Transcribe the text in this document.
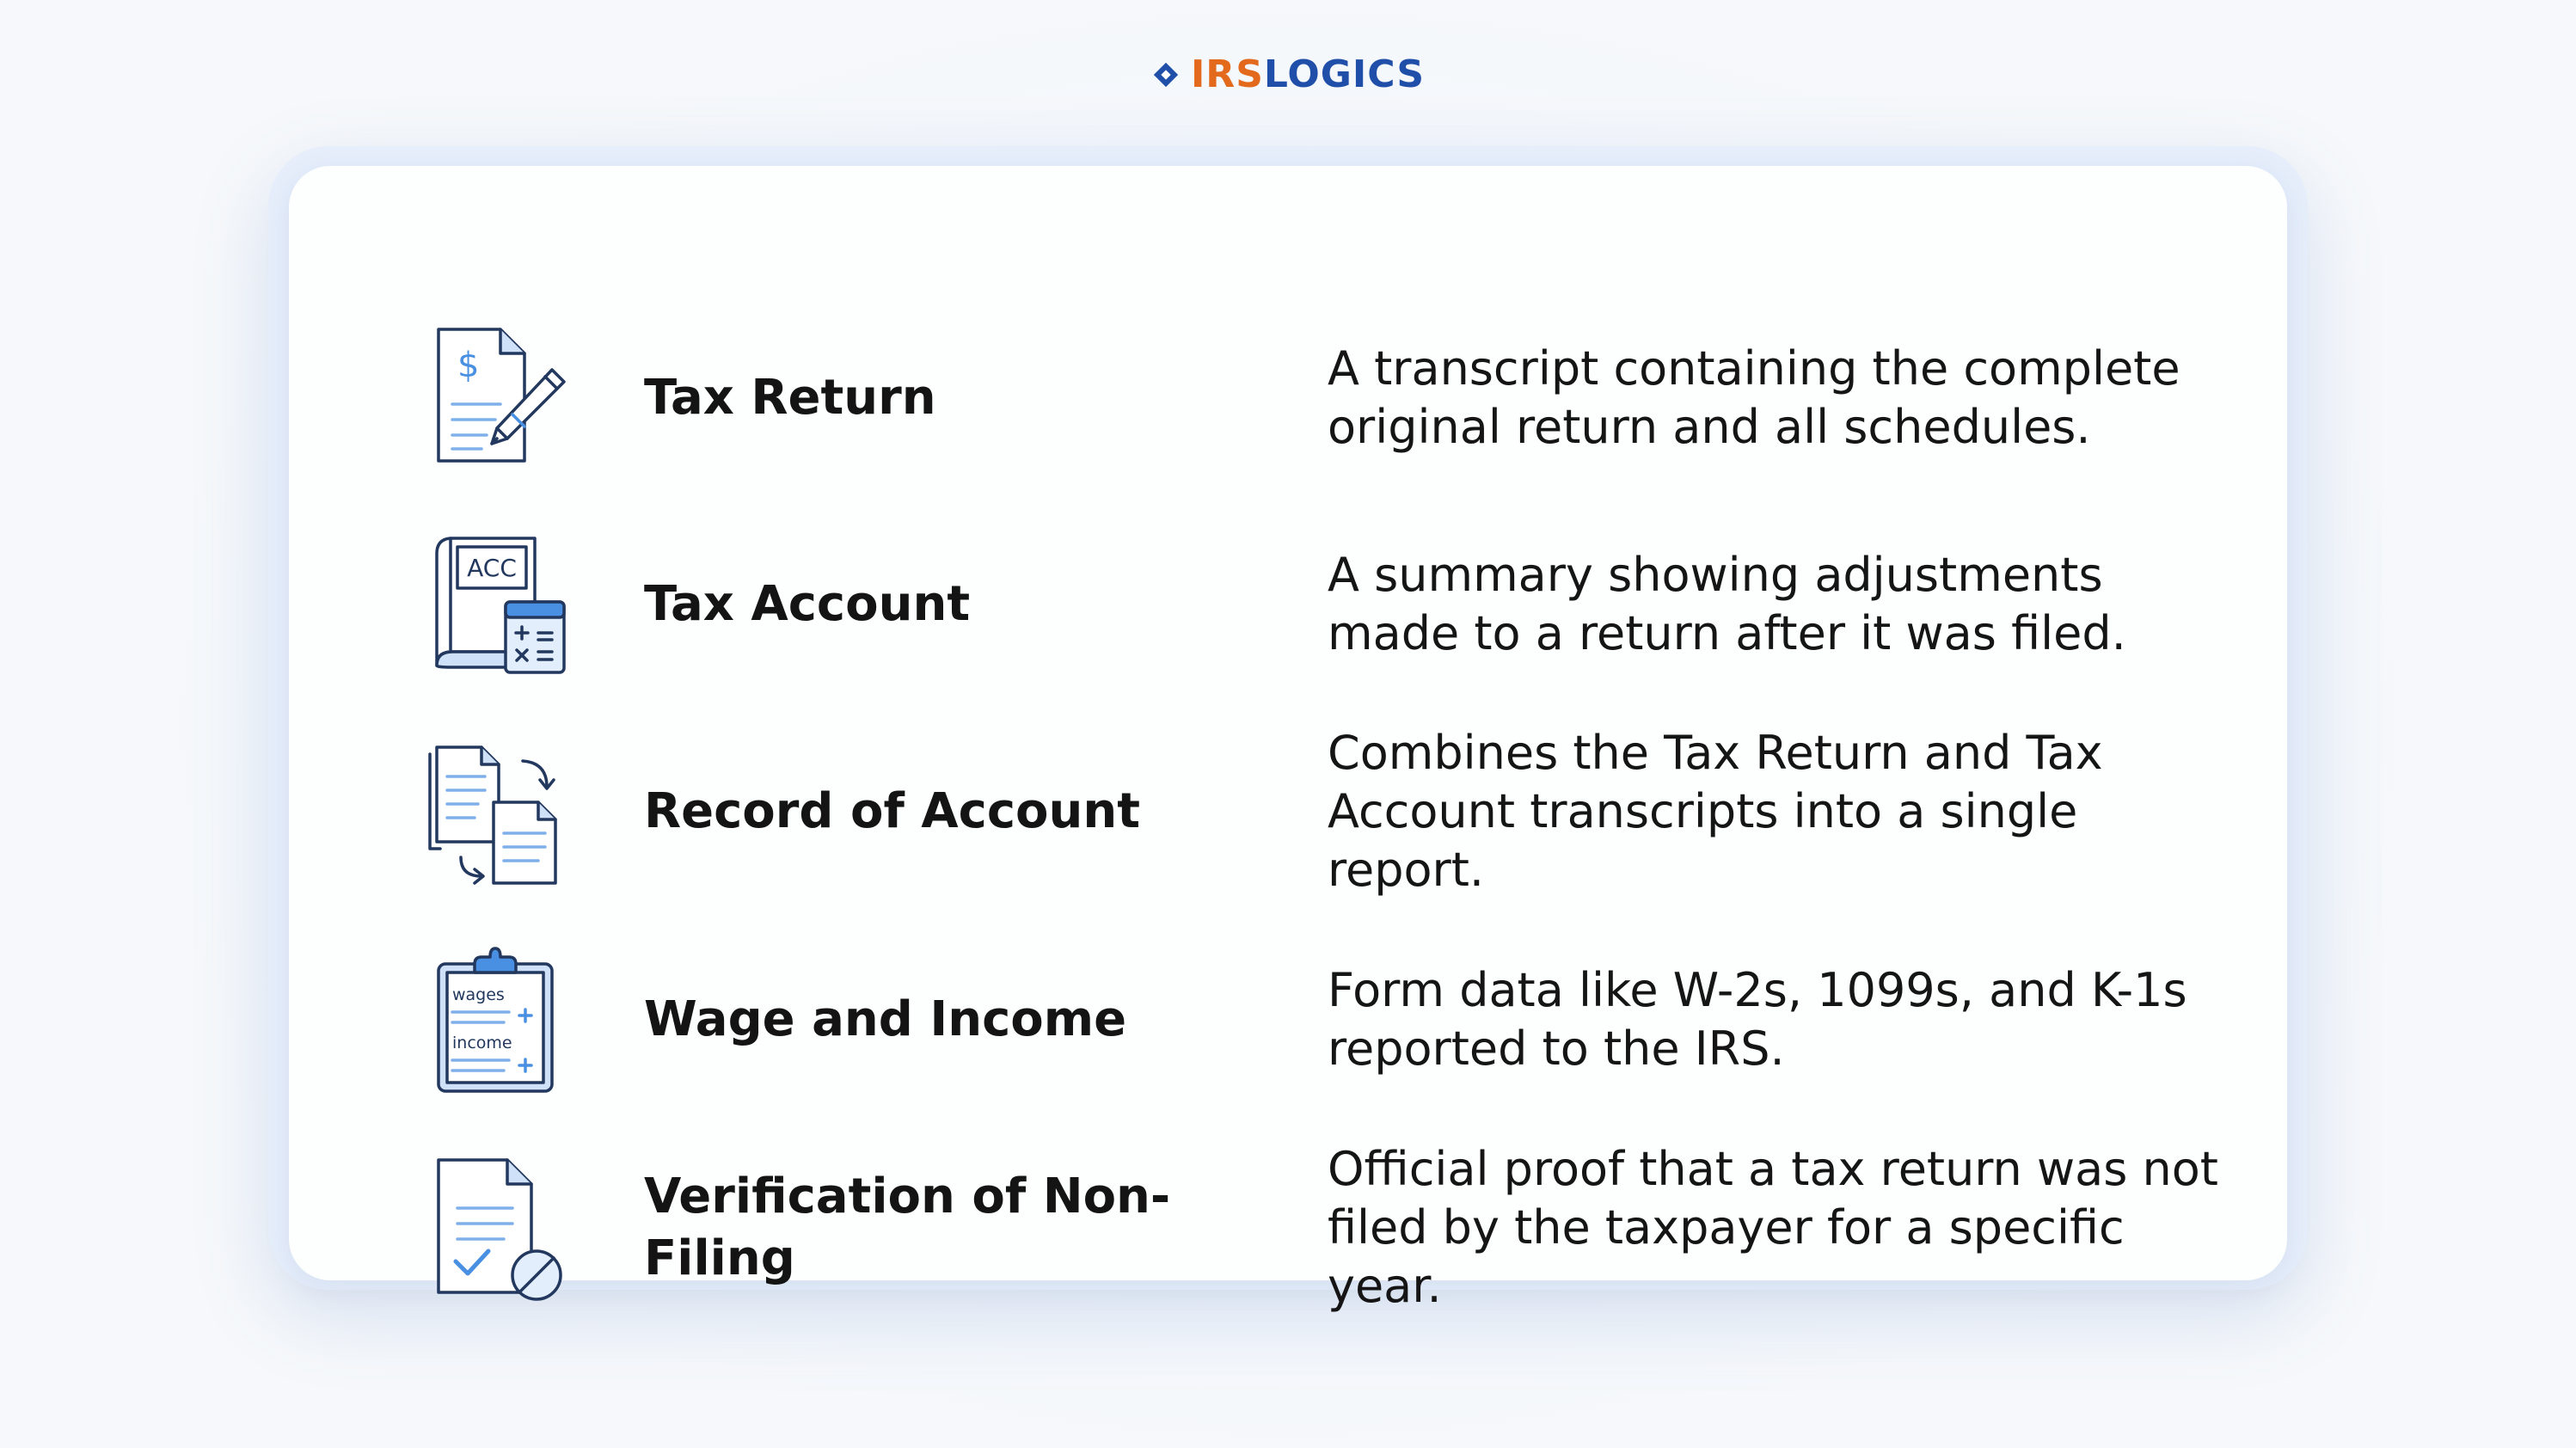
IRSLOGICS
$
Tax Return
A transcript containing the complete original return and all schedules.
ACC
Tax Account
A summary showing adjustments made to a return after it was filed.
Record of Account
Combines the Tax Return and Tax Account transcripts into a single report.
wages
income	Wage and Income
Form data like W-2s, 1099s, and K-1s reported to the IRS.
Verification of Non-Filing
Official proof that a tax return was not filed by the taxpayer for a specific year.
